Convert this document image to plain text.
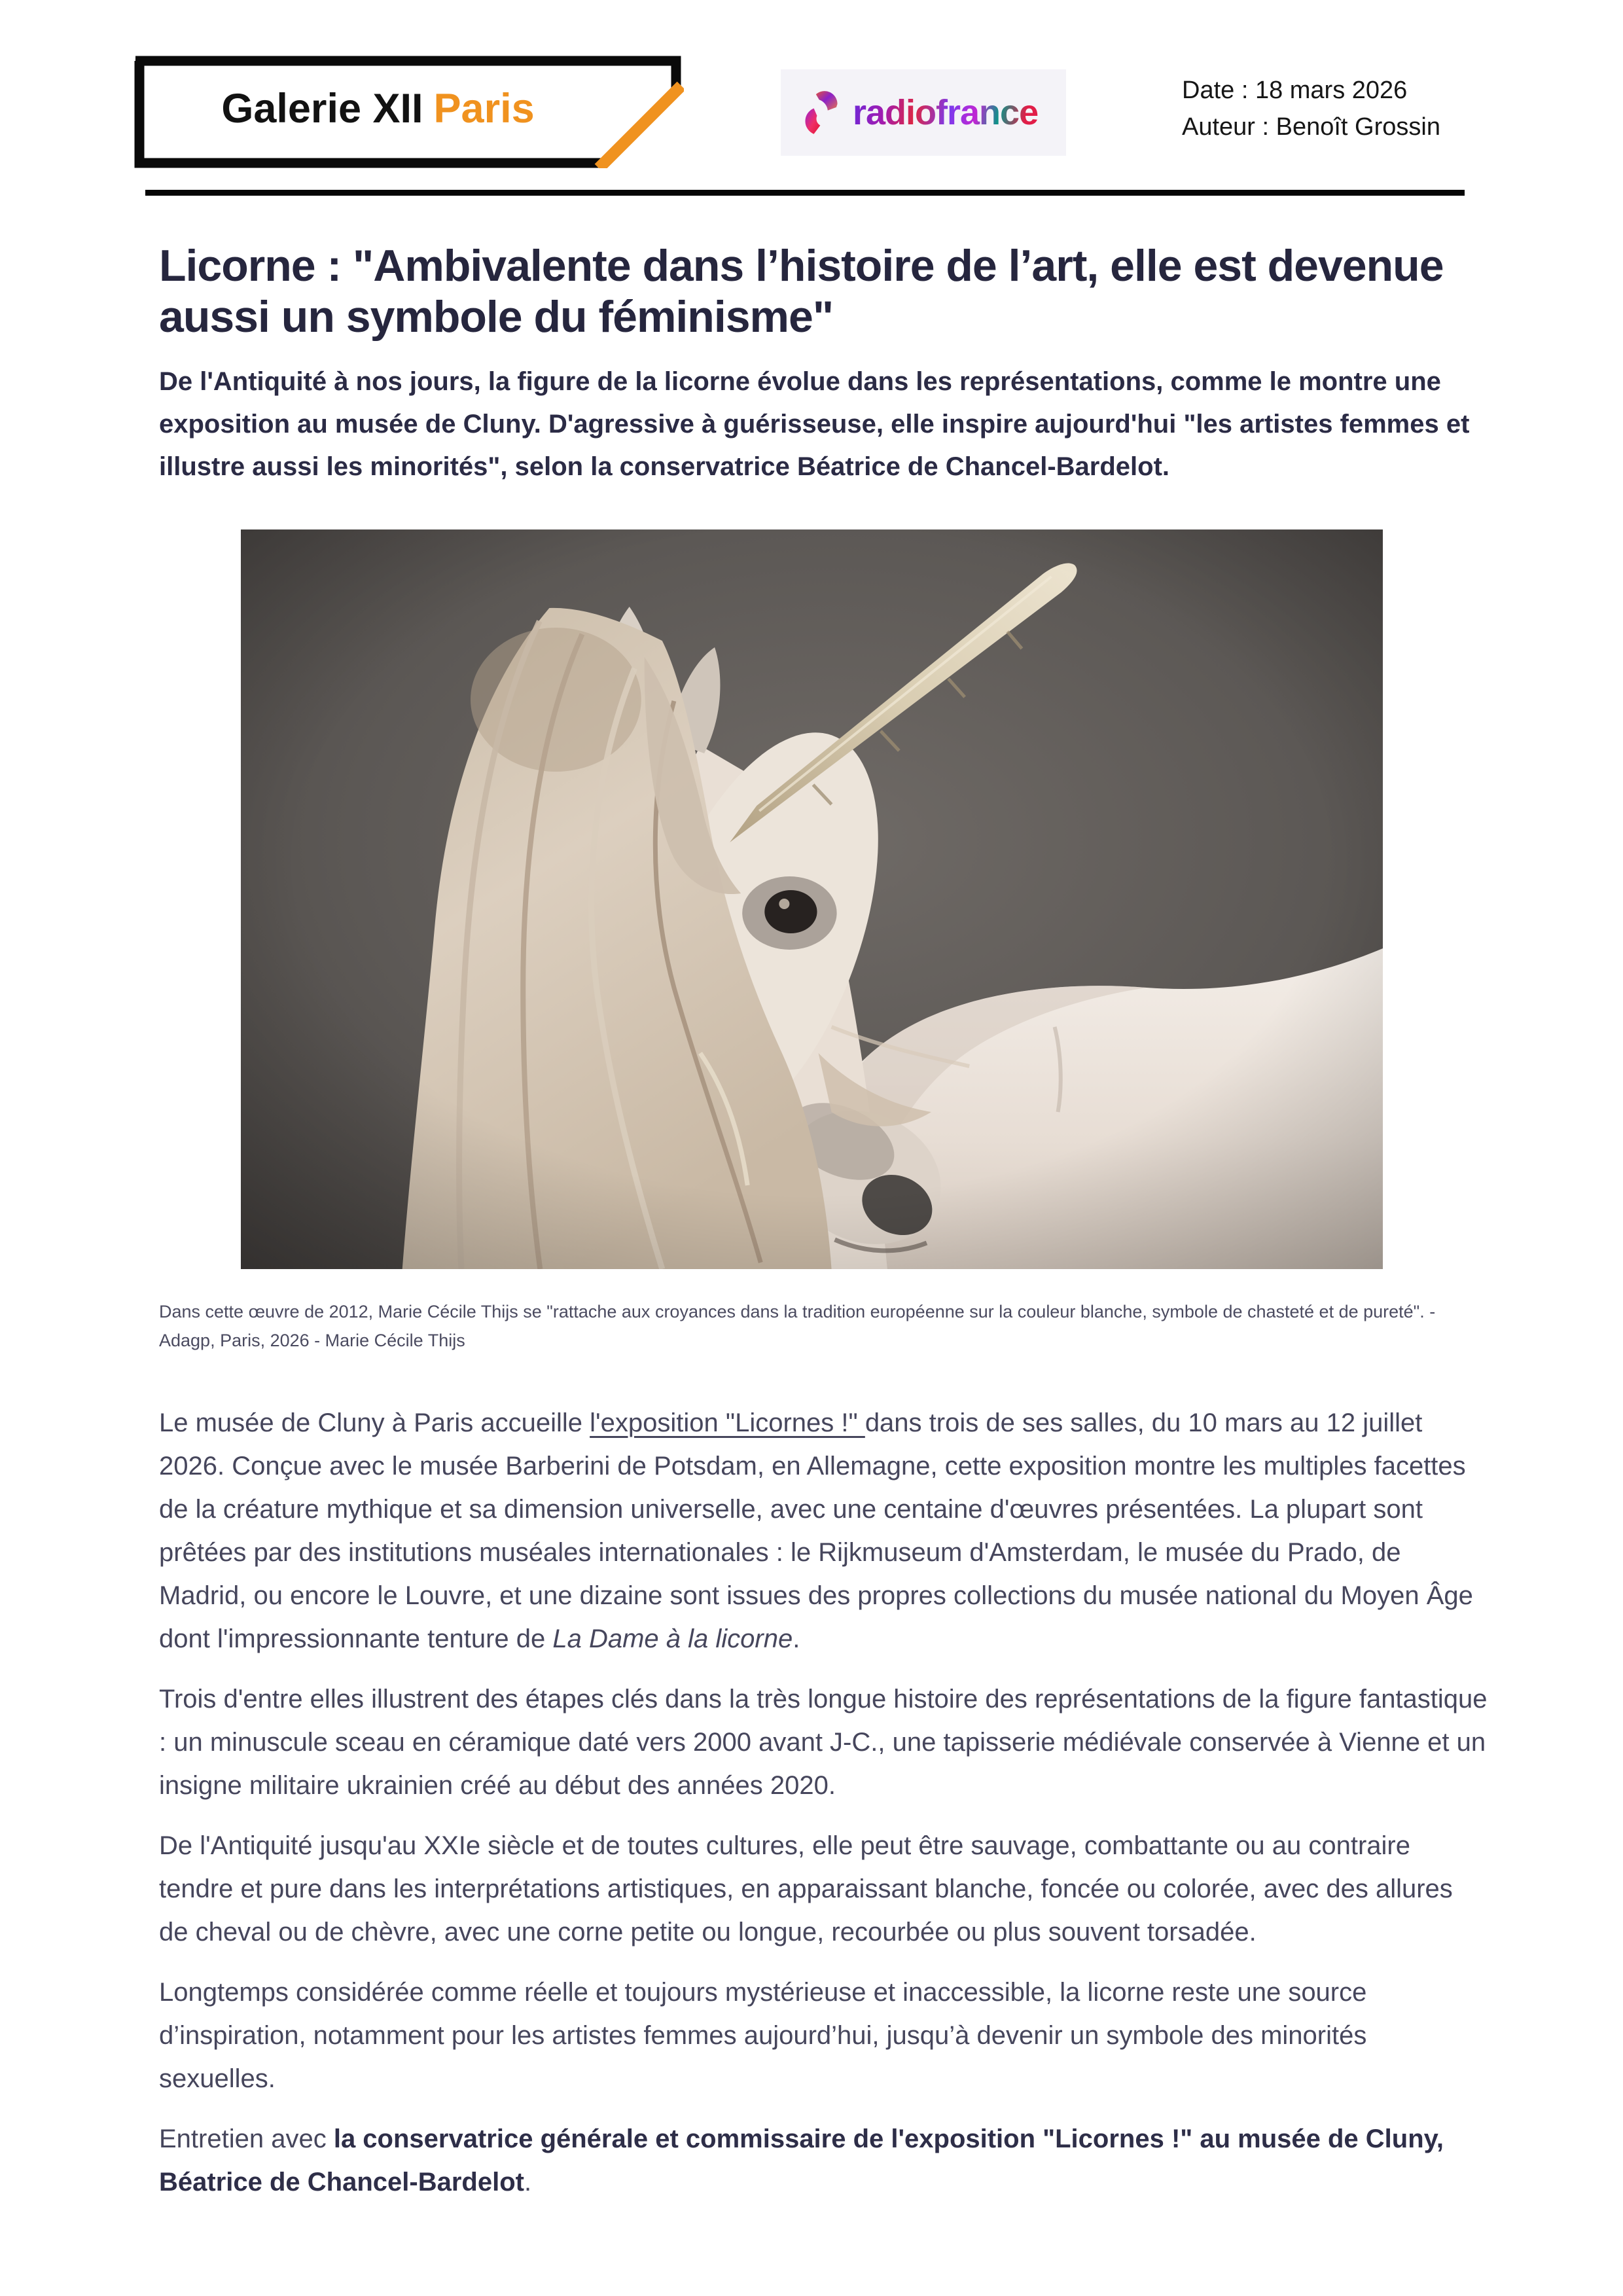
Galerie XII Paris	radiofrance
Date : 18 mars 2026
Auteur : Benoît Grossin
Licorne : "Ambivalente dans l’histoire de l’art, elle est devenue aussi un symbole du féminisme"

De l'Antiquité à nos jours, la figure de la licorne évolue dans les représentations, comme le montre une exposition au musée de Cluny. D'agressive à guérisseuse, elle inspire aujourd'hui "les artistes femmes et illustre aussi les minorités", selon la conservatrice Béatrice de Chancel-Bardelot.

Dans cette œuvre de 2012, Marie Cécile Thijs se "rattache aux croyances dans la tradition européenne sur la couleur blanche, symbole de chasteté et de pureté". - Adagp, Paris, 2026 - Marie Cécile Thijs

Le musée de Cluny à Paris accueille l'exposition "Licornes !" dans trois de ses salles, du 10 mars au 12 juillet 2026. Conçue avec le musée Barberini de Potsdam, en Allemagne, cette exposition montre les multiples facettes de la créature mythique et sa dimension universelle, avec une centaine d'œuvres présentées. La plupart sont prêtées par des institutions muséales internationales : le Rijkmuseum d'Amsterdam, le musée du Prado, de Madrid, ou encore le Louvre, et une dizaine sont issues des propres collections du musée national du Moyen Âge dont l'impressionnante tenture de La Dame à la licorne.

Trois d'entre elles illustrent des étapes clés dans la très longue histoire des représentations de la figure fantastique : un minuscule sceau en céramique daté vers 2000 avant J-C., une tapisserie médiévale conservée à Vienne et un insigne militaire ukrainien créé au début des années 2020.

De l'Antiquité jusqu'au XXIe siècle et de toutes cultures, elle peut être sauvage, combattante ou au contraire tendre et pure dans les interprétations artistiques, en apparaissant blanche, foncée ou colorée, avec des allures de cheval ou de chèvre, avec une corne petite ou longue, recourbée ou plus souvent torsadée.

Longtemps considérée comme réelle et toujours mystérieuse et inaccessible, la licorne reste une source d’inspiration, notamment pour les artistes femmes aujourd’hui, jusqu’à devenir un symbole des minorités sexuelles.

Entretien avec la conservatrice générale et commissaire de l'exposition "Licornes !" au musée de Cluny, Béatrice de Chancel-Bardelot.
